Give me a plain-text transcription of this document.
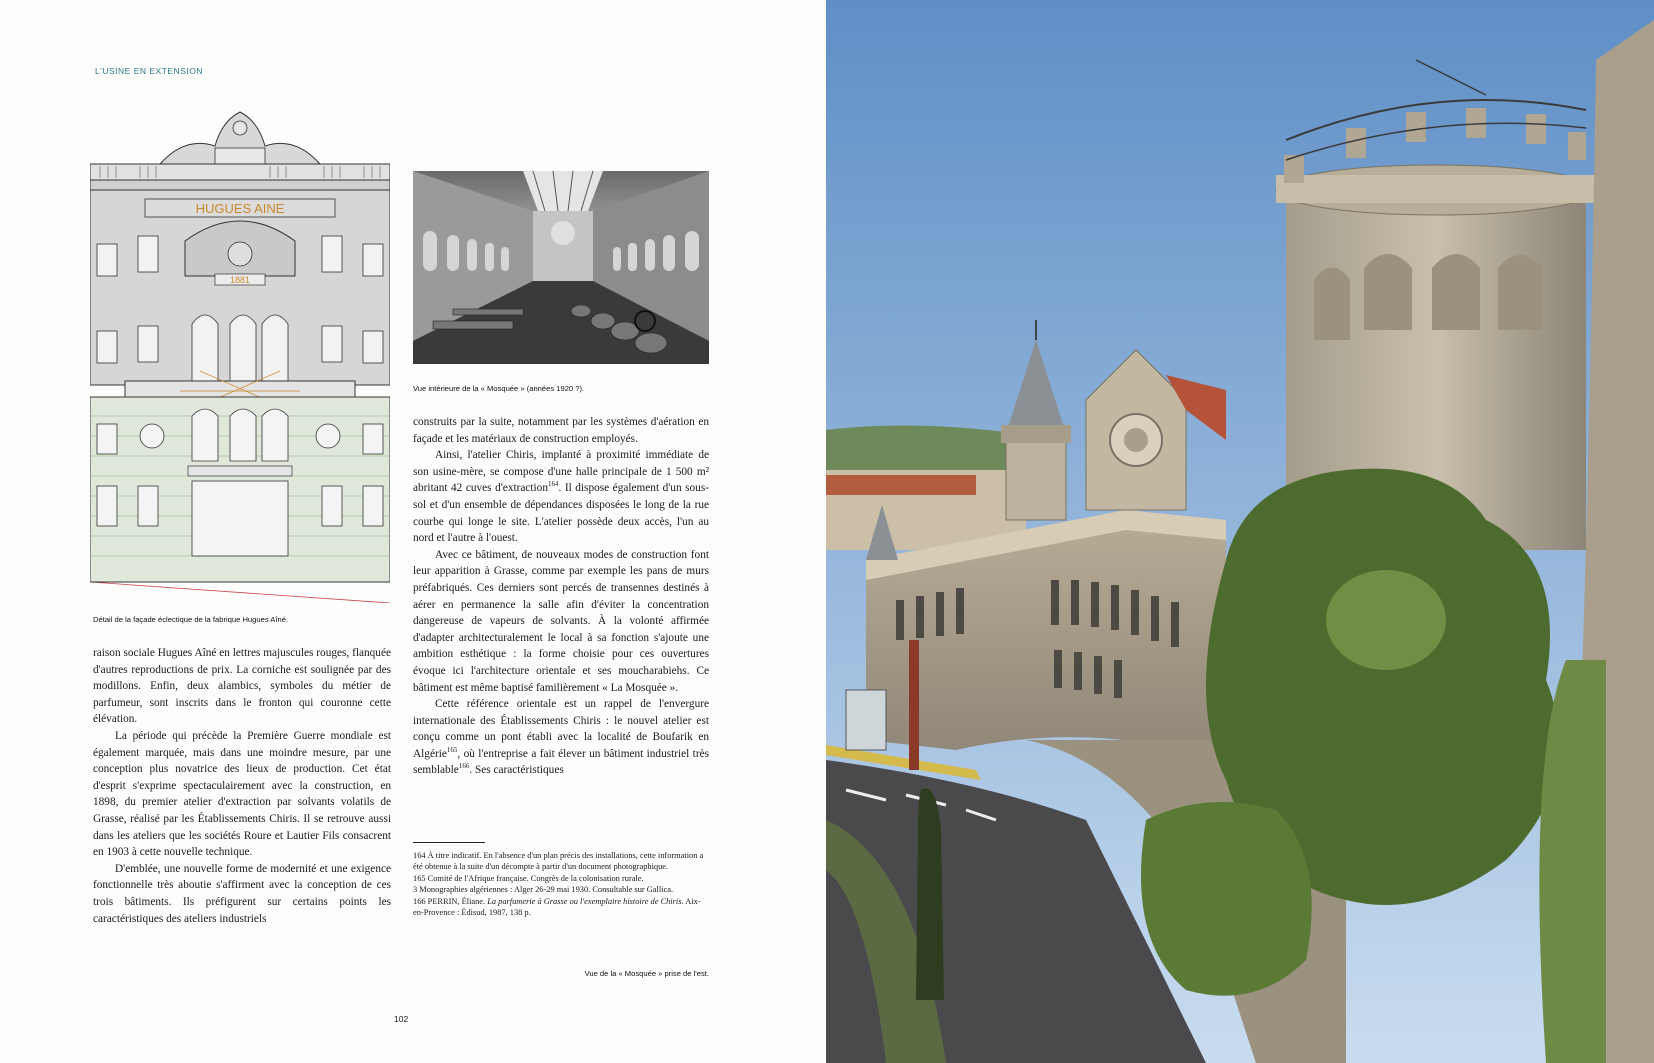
L'USINE EN EXTENSION
HUGUES AINE
1881
Vue intérieure de la « Mosquée » (années 1920 ?).
Détail de la façade éclectique de la fabrique Hugues Aîné.

raison sociale Hugues Aîné en lettres majuscules rouges, flanquée d'autres reproductions de prix. La corniche est soulignée par des modillons. Enfin, deux alambics, symboles du métier de parfumeur, sont inscrits dans le fronton qui couronne cette élévation.

La période qui précède la Première Guerre mondiale est également marquée, mais dans une moindre mesure, par une conception plus novatrice des lieux de production. Cet état d'esprit s'exprime spectaculairement avec la construction, en 1898, du premier atelier d'extraction par solvants volatils de Grasse, réalisé par les Établissements Chiris. Il se retrouve aussi dans les ateliers que les sociétés Roure et Lautier Fils consacrent en 1903 à cette nouvelle technique.

D'emblée, une nouvelle forme de modernité et une exigence fonctionnelle très aboutie s'affirment avec la conception de ces trois bâtiments. Ils préfigurent sur certains points les caractéristiques des ateliers industriels

construits par la suite, notamment par les systèmes d'aération en façade et les matériaux de construction employés.

Ainsi, l'atelier Chiris, implanté à proximité immédiate de son usine-mère, se compose d'une halle principale de 1 500 m² abritant 42 cuves d'extraction$^{164}$. Il dispose également d'un sous-sol et d'un ensemble de dépendances disposées le long de la rue courbe qui longe le site. L'atelier possède deux accès, l'un au nord et l'autre à l'ouest.

Avec ce bâtiment, de nouveaux modes de construction font leur apparition à Grasse, comme par exemple les pans de murs préfabriqués. Ces derniers sont percés de transennes destinés à aérer en permanence la salle afin d'éviter la concentration dangereuse de vapeurs de solvants. À la volonté affirmée d'adapter architecturalement le local à sa fonction s'ajoute une ambition esthétique : la forme choisie pour ces ouvertures évoque ici l'architecture orientale et ses moucharabiehs. Ce bâtiment est même baptisé familièrement « La Mosquée ».

Cette référence orientale est un rappel de l'envergure internationale des Établissements Chiris : le nouvel atelier est conçu comme un pont établi avec la localité de Boufarik en Algérie$^{165}$, où l'entreprise a fait élever un bâtiment industriel très semblable$^{166}$. Ses caractéristiques

164 À titre indicatif. En l'absence d'un plan précis des installations, cette information a été obtenue à la suite d'un décompte à partir d'un document photographique.
165 Comité de l'Afrique française. Congrès de la colonisation rurale.
3 Monographies algériennes : Alger 26-29 mai 1930. Consultable sur Gallica.
166 PERRIN, Éliane. La parfumerie à Grasse ou l'exemplaire histoire de Chiris. Aix-en-Provence : Édisud, 1987, 138 p.
Vue de la « Mosquée » prise de l'est.
102
